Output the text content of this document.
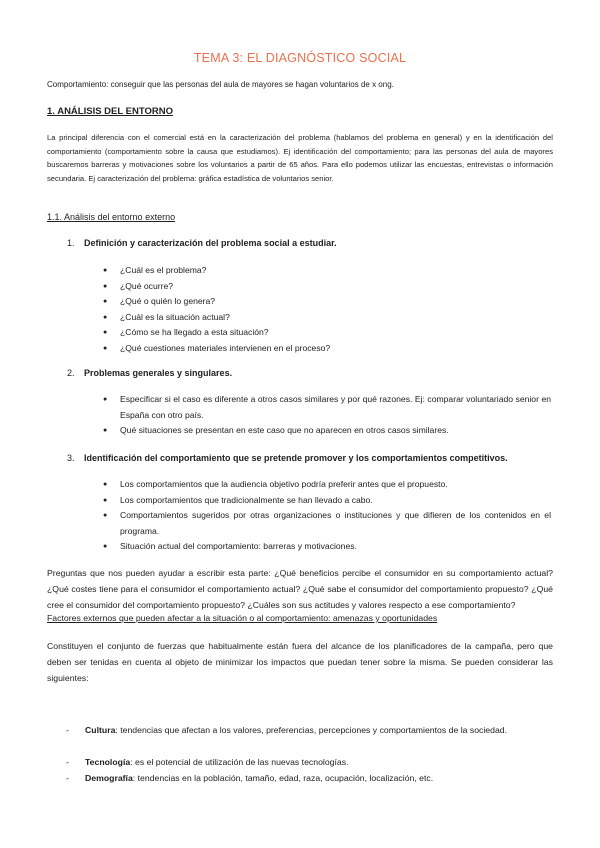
TEMA 3: EL DIAGNÓSTICO SOCIAL

Comportamiento: conseguir que las personas del aula de mayores se hagan voluntarios de x ong.

1. ANÁLISIS DEL ENTORNO

La principal diferencia con el comercial está en la caracterización del problema (hablamos del problema en general) y en la identificación del comportamiento (comportamiento sobre la causa que estudiamos). Ej identificación del comportamiento; para las personas del aula de mayores buscaremos barreras y motivaciones sobre los voluntarios a partir de 65 años. Para ello podemos utilizar las encuestas, entrevistas o información secundaria. Ej caracterización del problema: gráfica estadística de voluntarios senior.

1.1. Análisis del entorno externo
1. Definición y caracterización del problema social a estudiar.
● ¿Cuál es el problema?
● ¿Qué ocurre?
● ¿Qué o quién lo genera?
● ¿Cuál es la situación actual?
● ¿Cómo se ha llegado a esta situación?
● ¿Qué cuestiones materiales intervienen en el proceso?
2. Problemas generales y singulares.
● Especificar si el caso es diferente a otros casos similares y por qué razones. Ej: comparar voluntariado senior en España con otro país.
● Qué situaciones se presentan en este caso que no aparecen en otros casos similares.
3. Identificación del comportamiento que se pretende promover y los comportamientos competitivos.
● Los comportamientos que la audiencia objetivo podría preferir antes que el propuesto.
● Los comportamientos que tradicionalmente se han llevado a cabo.
● Comportamientos sugeridos por otras organizaciones o instituciones y que difieren de los contenidos en el programa.
● Situación actual del comportamiento: barreras y motivaciones.

Preguntas que nos pueden ayudar a escribir esta parte: ¿Qué beneficios percibe el consumidor en su comportamiento actual? ¿Qué costes tiene para el consumidor el comportamiento actual? ¿Qué sabe el consumidor del comportamiento propuesto? ¿Qué cree el consumidor del comportamiento propuesto? ¿Cuáles son sus actitudes y valores respecto a ese comportamiento?

Factores externos que pueden afectar a la situación o al comportamiento: amenazas y oportunidades

Constituyen el conjunto de fuerzas que habitualmente están fuera del alcance de los planificadores de la campaña, pero que deben ser tenidas en cuenta al objeto de minimizar los impactos que puedan tener sobre la misma. Se pueden considerar las siguientes:

- Cultura: tendencias que afectan a los valores, preferencias, percepciones y comportamientos de la sociedad.
- Tecnología: es el potencial de utilización de las nuevas tecnologías.
- Demografía: tendencias en la población, tamaño, edad, raza, ocupación, localización, etc.
